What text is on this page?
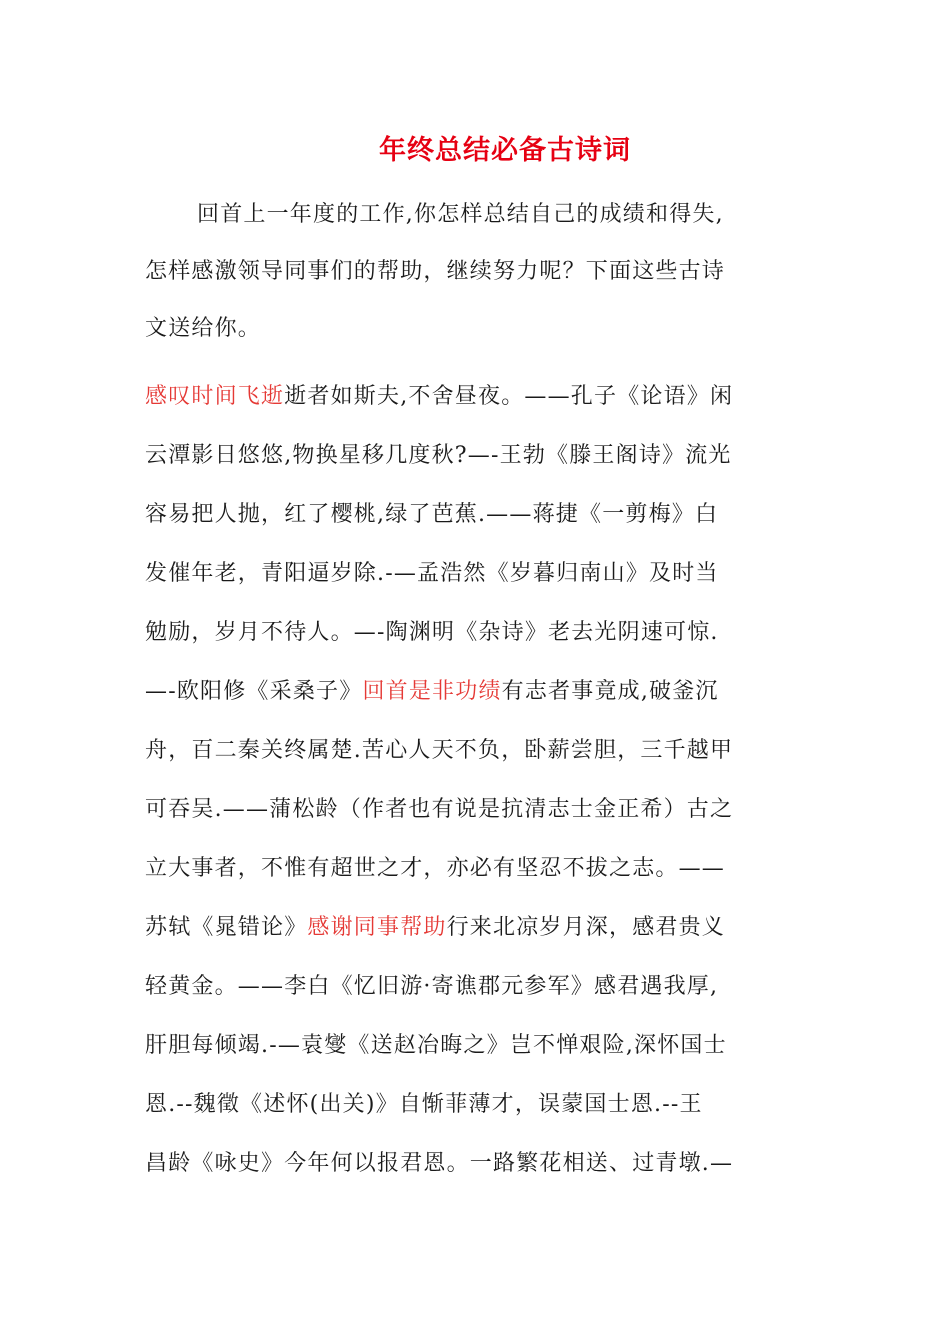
年终总结必备古诗词
回首上一年度的工作,你怎样总结自己的成绩和得失,
怎样感激领导同事们的帮助，继续努力呢？下面这些古诗
文送给你。
感叹时间飞逝逝者如斯夫,不舍昼夜。——孔子《论语》闲
云潭影日悠悠,物换星移几度秋?—-王勃《滕王阁诗》流光
容易把人抛，红了樱桃,绿了芭蕉.——蒋捷《一剪梅》白
发催年老，青阳逼岁除.-—孟浩然《岁暮归南山》及时当
勉励，岁月不待人。—-陶渊明《杂诗》老去光阴速可惊.
—-欧阳修《采桑子》回首是非功绩有志者事竟成,破釜沉
舟，百二秦关终属楚.苦心人天不负，卧薪尝胆，三千越甲
可吞吴.——蒲松龄（作者也有说是抗清志士金正希）古之
立大事者，不惟有超世之才，亦必有坚忍不拔之志。——
苏轼《晁错论》感谢同事帮助行来北凉岁月深，感君贵义
轻黄金。——李白《忆旧游·寄谯郡元参军》感君遇我厚,
肝胆每倾竭.-—袁燮《送赵冶晦之》岂不惮艰险,深怀国士
恩.--魏徵《述怀(出关)》自惭菲薄才，误蒙国士恩.--王
昌龄《咏史》今年何以报君恩。一路繁花相送、过青墩.—
